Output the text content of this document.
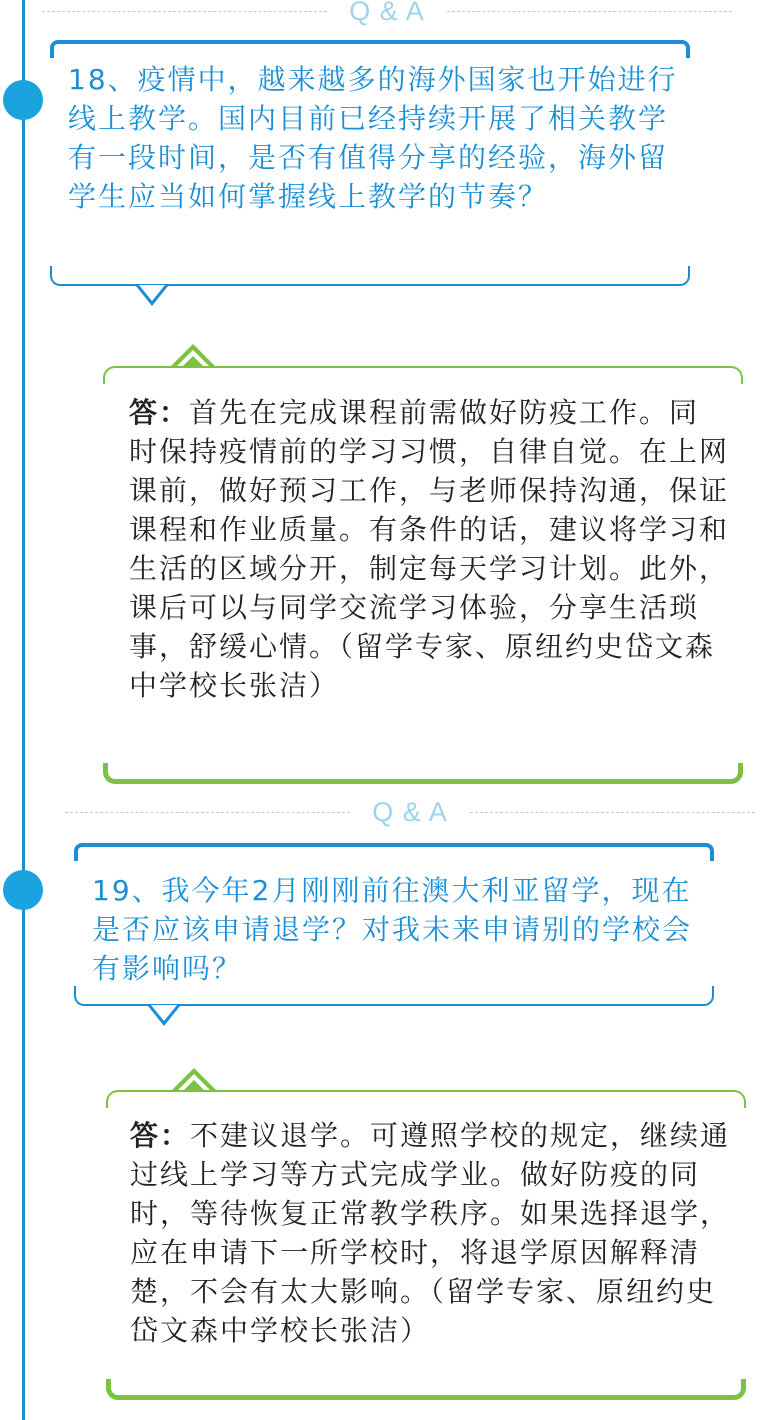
Q & A
18、疫情中，越来越多的海外国家也开始进行线上教学。国内目前已经持续开展了相关教学有一段时间，是否有值得分享的经验，海外留学生应当如何掌握线上教学的节奏？
答：首先在完成课程前需做好防疫工作。同时保持疫情前的学习习惯，自律自觉。在上网课前，做好预习工作，与老师保持沟通，保证课程和作业质量。有条件的话，建议将学习和生活的区域分开，制定每天学习计划。此外，课后可以与同学交流学习体验，分享生活琐事，舒缓心情。（留学专家、原纽约史岱文森中学校长张洁）
Q & A
19、我今年2月刚刚前往澳大利亚留学，现在是否应该申请退学？对我未来申请别的学校会有影响吗？
答：不建议退学。可遵照学校的规定，继续通过线上学习等方式完成学业。做好防疫的同时，等待恢复正常教学秩序。如果选择退学，应在申请下一所学校时，将退学原因解释清楚，不会有太大影响。（留学专家、原纽约史岱文森中学校长张洁）
